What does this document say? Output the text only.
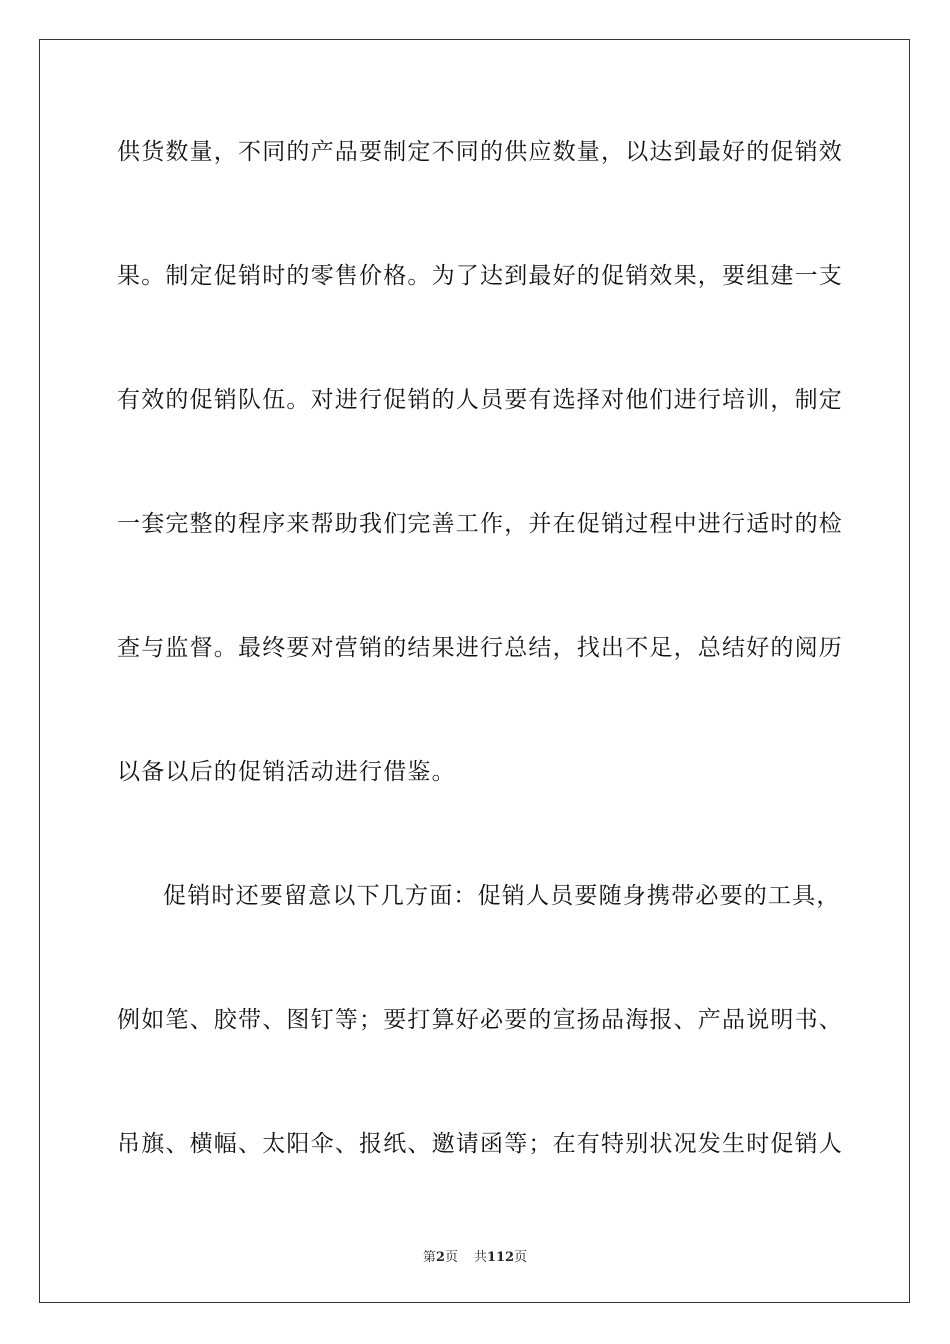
供货数量，不同的产品要制定不同的供应数量，以达到最好的促销效
果。制定促销时的零售价格。为了达到最好的促销效果，要组建一支
有效的促销队伍。对进行促销的人员要有选择对他们进行培训，制定
一套完整的程序来帮助我们完善工作，并在促销过程中进行适时的检
查与监督。最终要对营销的结果进行总结，找出不足，总结好的阅历
以备以后的促销活动进行借鉴。
促销时还要留意以下几方面：促销人员要随身携带必要的工具，
例如笔、胶带、图钉等；要打算好必要的宣扬品海报、产品说明书、
吊旗、横幅、太阳伞、报纸、邀请函等；在有特别状况发生时促销人
第2页 共112页
